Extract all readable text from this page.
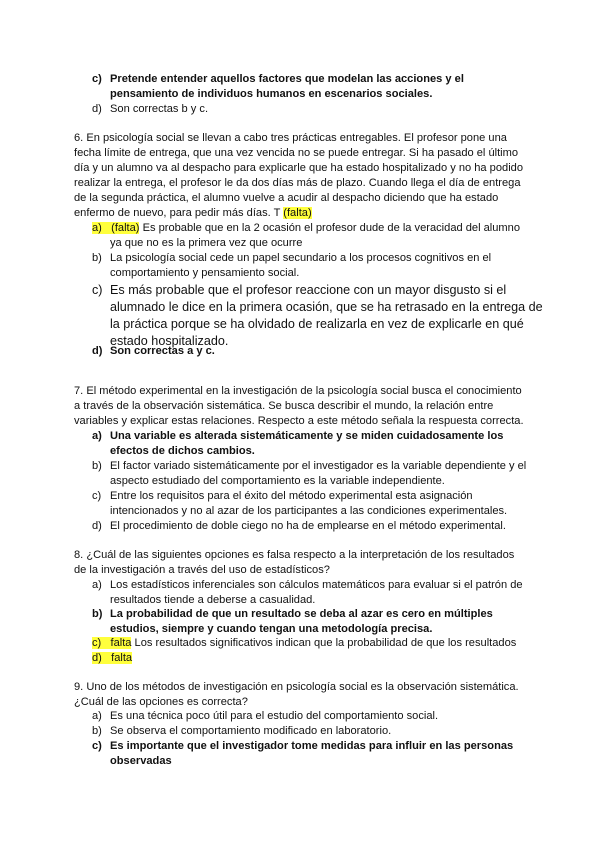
c) Pretende entender aquellos factores que modelan las acciones y el
pensamiento de individuos humanos en escenarios sociales.
d) Son correctas b y c.
6. En psicología social se llevan a cabo tres prácticas entregables. El profesor pone una
fecha límite de entrega, que una vez vencida no se puede entregar. Si ha pasado el último
día y un alumno va al despacho para explicarle que ha estado hospitalizado y no ha podido
realizar la entrega, el profesor le da dos días más de plazo. Cuando llega el día de entrega
de la segunda práctica, el alumno vuelve a acudir al despacho diciendo que ha estado
enfermo de nuevo, para pedir más días. T (falta)
a) (falta) Es probable que en la 2 ocasión el profesor dude de la veracidad del alumno
ya que no es la primera vez que ocurre
b) La psicología social cede un papel secundario a los procesos cognitivos en el
comportamiento y pensamiento social.
c) Es más probable que el profesor reaccione con un mayor disgusto si el
alumnado le dice en la primera ocasión, que se ha retrasado en la entrega de
la práctica porque se ha olvidado de realizarla en vez de explicarle en qué
estado hospitalizado.
d) Son correctas a y c.
7. El método experimental en la investigación de la psicología social busca el conocimiento
a través de la observación sistemática. Se busca describir el mundo, la relación entre
variables y explicar estas relaciones. Respecto a este método señala la respuesta correcta.
a) Una variable es alterada sistemáticamente y se miden cuidadosamente los
efectos de dichos cambios.
b) El factor variado sistemáticamente por el investigador es la variable dependiente y el
aspecto estudiado del comportamiento es la variable independiente.
c) Entre los requisitos para el éxito del método experimental esta asignación
intencionados y no al azar de los participantes a las condiciones experimentales.
d) El procedimiento de doble ciego no ha de emplearse en el método experimental.
8. ¿Cuál de las siguientes opciones es falsa respecto a la interpretación de los resultados
de la investigación a través del uso de estadísticos?
a) Los estadísticos inferenciales son cálculos matemáticos para evaluar si el patrón de
resultados tiende a deberse a casualidad.
b) La probabilidad de que un resultado se deba al azar es cero en múltiples
estudios, siempre y cuando tengan una metodología precisa.
c) falta Los resultados significativos indican que la probabilidad de que los resultados
d) falta
9. Uno de los métodos de investigación en psicología social es la observación sistemática.
¿Cuál de las opciones es correcta?
a) Es una técnica poco útil para el estudio del comportamiento social.
b) Se observa el comportamiento modificado en laboratorio.
c) Es importante que el investigador tome medidas para influir en las personas
observadas
